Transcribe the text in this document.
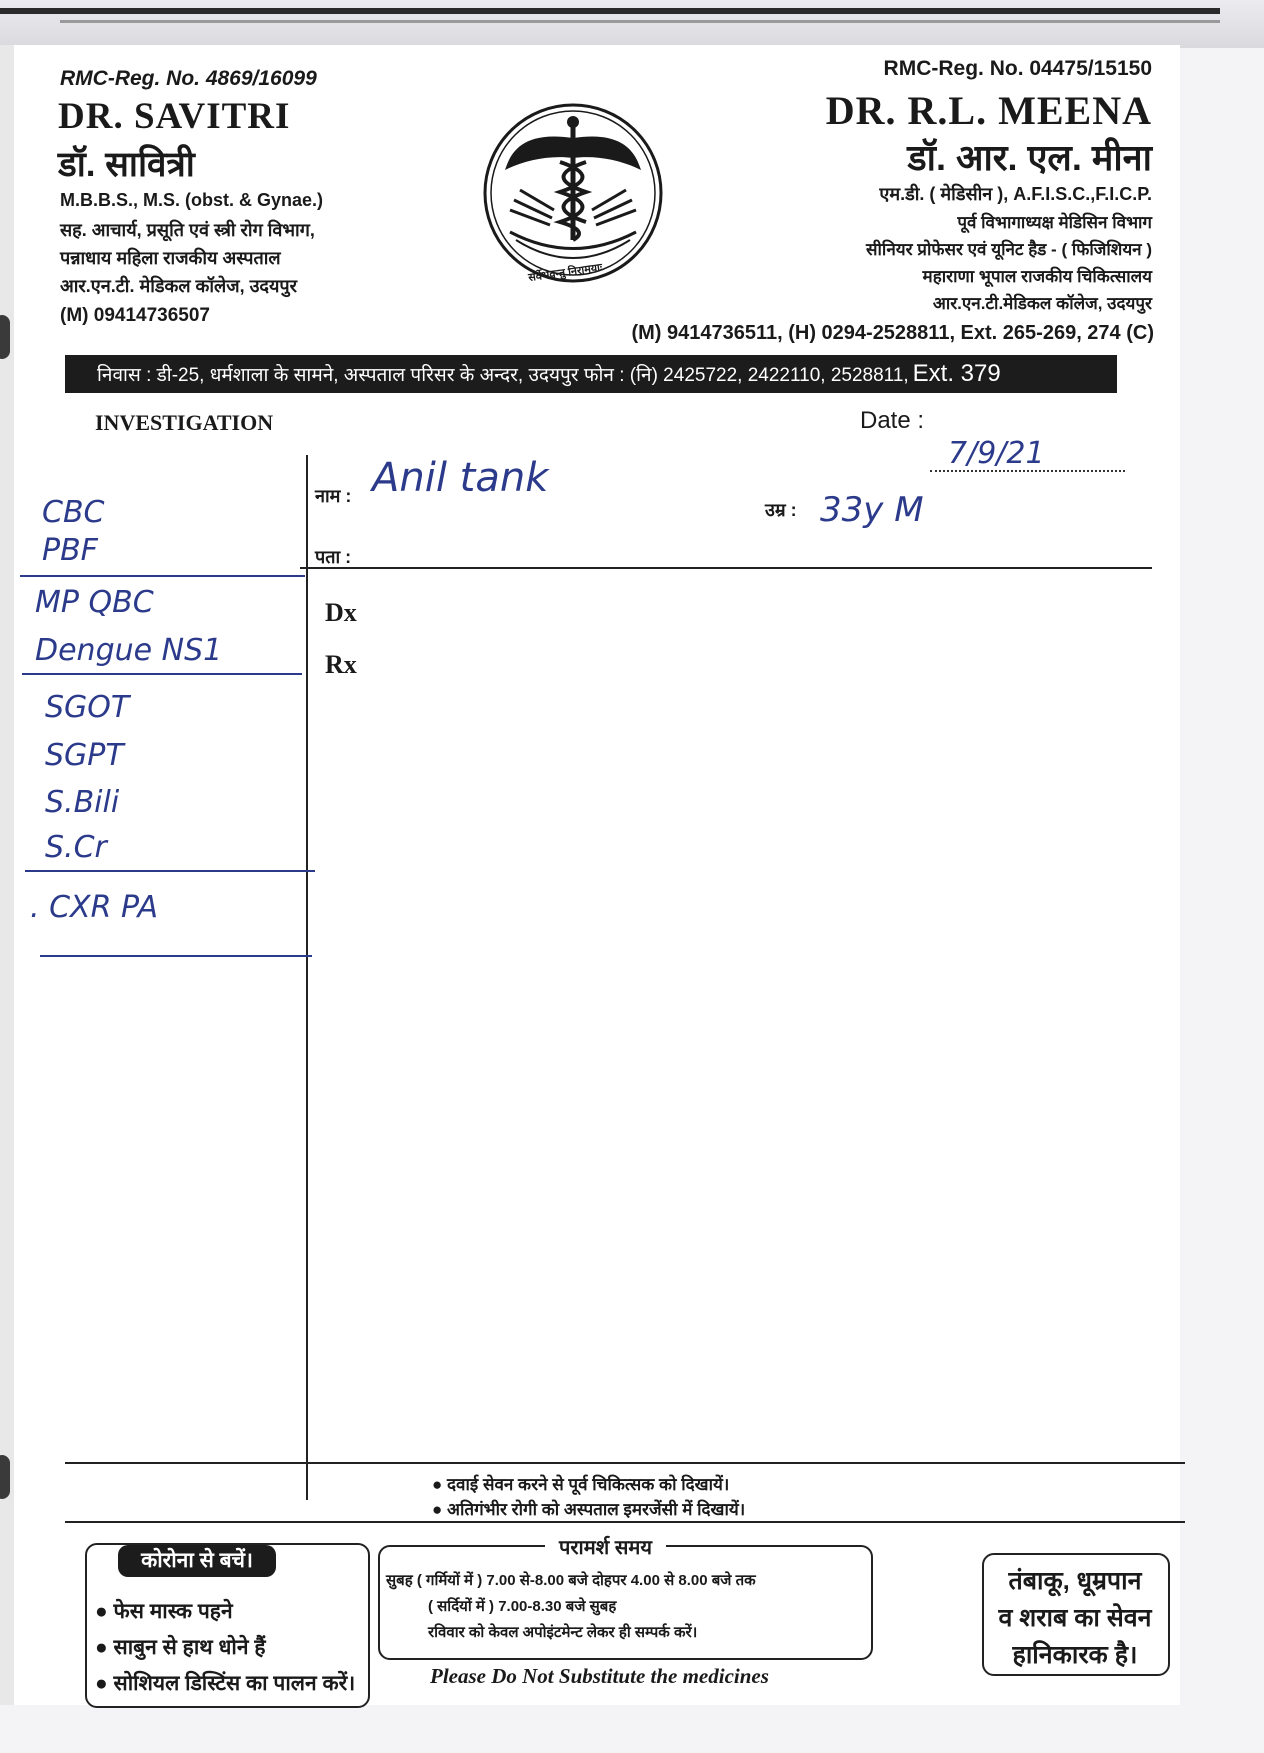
RMC-Reg. No. 4869/16099
DR. SAVITRI
डॉ. सावित्री
M.B.B.S., M.S. (obst. & Gynae.)
सह. आचार्य, प्रसूति एवं स्त्री रोग विभाग,
पन्नाधाय महिला राजकीय अस्पताल
आर.एन.टी. मेडिकल कॉलेज, उदयपुर
(M) 09414736507
सर्वेभवन्तु निरामयाः
RMC-Reg. No. 04475/15150
DR. R.L. MEENA
डॉ. आर. एल. मीना
एम.डी. ( मेडिसीन ), A.F.I.S.C.,F.I.C.P.
पूर्व विभागाध्यक्ष मेडिसिन विभाग
सीनियर प्रोफेसर एवं यूनिट हैड - ( फिजिशियन )
महाराणा भूपाल राजकीय चिकित्सालय
आर.एन.टी.मेडिकल कॉलेज, उदयपुर
(M) 9414736511, (H) 0294-2528811, Ext. 265-269, 274 (C)
निवास : डी-25, धर्मशाला के सामने, अस्पताल परिसर के अन्दर, उदयपुर फोन : (नि) 2425722, 2422110, 2528811, Ext. 379
INVESTIGATION
नाम : Anil tank
Date :
7/9/21
उम्र : 33y M
पता :
Dx
Rx
CBC
PBF
MP QBC
Dengue NS1
SGOT
SGPT
S.Bili
S.Cr
. CXR PA
● दवाई सेवन करने से पूर्व चिकित्सक को दिखायें।
● अतिगंभीर रोगी को अस्पताल इमरजेंसी में दिखायें।
कोरोना से बचें।
● फेस मास्क पहने
● साबुन से हाथ धोने हैं
● सोशियल डिस्टिंस का पालन करें।
परामर्श समय
सुबह ( गर्मियों में ) 7.00 से-8.00 बजे दोहपर 4.00 से 8.00 बजे तक
( सर्दियों में ) 7.00-8.30 बजे सुबह
रविवार को केवल अपोइंटमेन्ट लेकर ही सम्पर्क करें।
Please Do Not Substitute the medicines
तंबाकू, धूम्रपान
व शराब का सेवन
हानिकारक है।
